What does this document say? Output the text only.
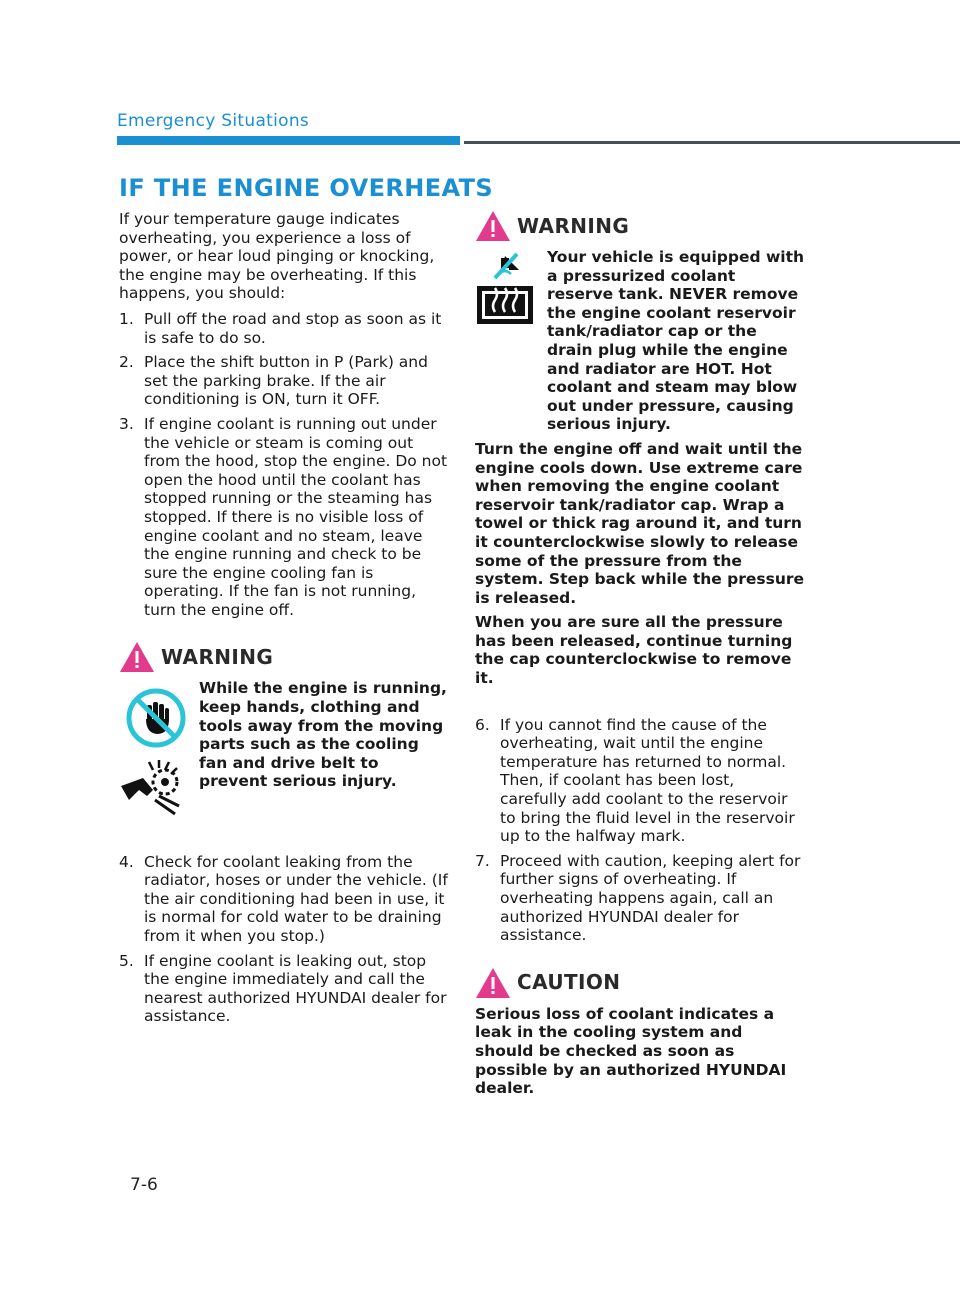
Emergency Situations
IF THE ENGINE OVERHEATS

If your temperature gauge indicates overheating, you experience a loss of power, or hear loud pinging or knocking, the engine may be overheating. If this happens, you should:

1. Pull off the road and stop as soon as it is safe to do so.
2. Place the shift button in P (Park) and set the parking brake. If the air conditioning is ON, turn it OFF.
3. If engine coolant is running out under the vehicle or steam is coming out from the hood, stop the engine. Do not open the hood until the coolant has stopped running or the steaming has stopped. If there is no visible loss of engine coolant and no steam, leave the engine running and check to be sure the engine cooling fan is operating. If the fan is not running, turn the engine off.
WARNING

While the engine is running, keep hands, clothing and tools away from the moving parts such as the cooling fan and drive belt to prevent serious injury.

4. Check for coolant leaking from the radiator, hoses or under the vehicle. (If the air conditioning had been in use, it is normal for cold water to be draining from it when you stop.)
5. If engine coolant is leaking out, stop the engine immediately and call the nearest authorized HYUNDAI dealer for assistance.
WARNING

Your vehicle is equipped with a pressurized coolant reserve tank. NEVER remove the engine coolant reservoir tank/radiator cap or the drain plug while the engine and radiator are HOT. Hot coolant and steam may blow out under pressure, causing serious injury.

Turn the engine off and wait until the engine cools down. Use extreme care when removing the engine coolant reservoir tank/radiator cap. Wrap a towel or thick rag around it, and turn it counterclockwise slowly to release some of the pressure from the system. Step back while the pressure is released.

When you are sure all the pressure has been released, continue turning the cap counterclockwise to remove it.

6. If you cannot find the cause of the overheating, wait until the engine temperature has returned to normal. Then, if coolant has been lost, carefully add coolant to the reservoir to bring the fluid level in the reservoir up to the halfway mark.
7. Proceed with caution, keeping alert for further signs of overheating. If overheating happens again, call an authorized HYUNDAI dealer for assistance.
CAUTION

Serious loss of coolant indicates a leak in the cooling system and should be checked as soon as possible by an authorized HYUNDAI dealer.

7-6
